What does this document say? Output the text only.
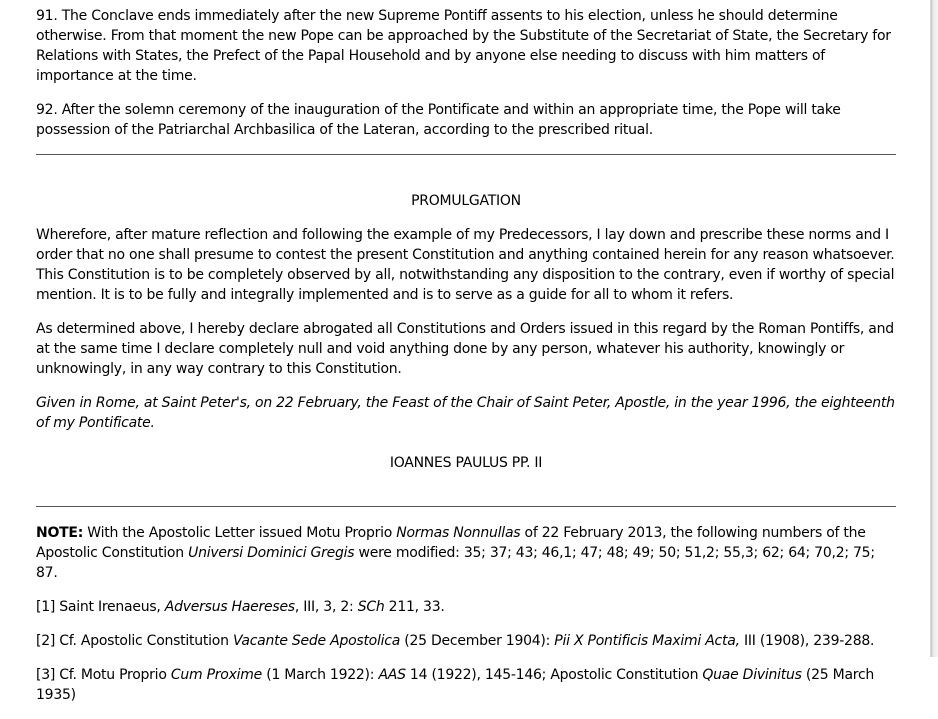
91. The Conclave ends immediately after the new Supreme Pontiff assents to his election, unless he should determine otherwise. From that moment the new Pope can be approached by the Substitute of the Secretariat of State, the Secretary for Relations with States, the Prefect of the Papal Household and by anyone else needing to discuss with him matters of importance at the time.

92. After the solemn ceremony of the inauguration of the Pontificate and within an appropriate time, the Pope will take possession of the Patriarchal Archbasilica of the Lateran, according to the prescribed ritual.

PROMULGATION

Wherefore, after mature reflection and following the example of my Predecessors, I lay down and prescribe these norms and I order that no one shall presume to contest the present Constitution and anything contained herein for any reason whatsoever. This Constitution is to be completely observed by all, notwithstanding any disposition to the contrary, even if worthy of special mention. It is to be fully and integrally implemented and is to serve as a guide for all to whom it refers.

As determined above, I hereby declare abrogated all Constitutions and Orders issued in this regard by the Roman Pontiffs, and at the same time I declare completely null and void anything done by any person, whatever his authority, knowingly or unknowingly, in any way contrary to this Constitution.

Given in Rome, at Saint Peter's, on 22 February, the Feast of the Chair of Saint Peter, Apostle, in the year 1996, the eighteenth of my Pontificate.

IOANNES PAULUS PP. II

NOTE: With the Apostolic Letter issued Motu Proprio Normas Nonnullas of 22 February 2013, the following numbers of the Apostolic Constitution Universi Dominici Gregis were modified: 35; 37; 43; 46,1; 47; 48; 49; 50; 51,2; 55,3; 62; 64; 70,2; 75; 87.

[1] Saint Irenaeus, Adversus Haereses, III, 3, 2: SCh 211, 33.

[2] Cf. Apostolic Constitution Vacante Sede Apostolica (25 December 1904): Pii X Pontificis Maximi Acta, III (1908), 239-288.

[3] Cf. Motu Proprio Cum Proxime (1 March 1922): AAS 14 (1922), 145-146; Apostolic Constitution Quae Divinitus (25 March 1935)
